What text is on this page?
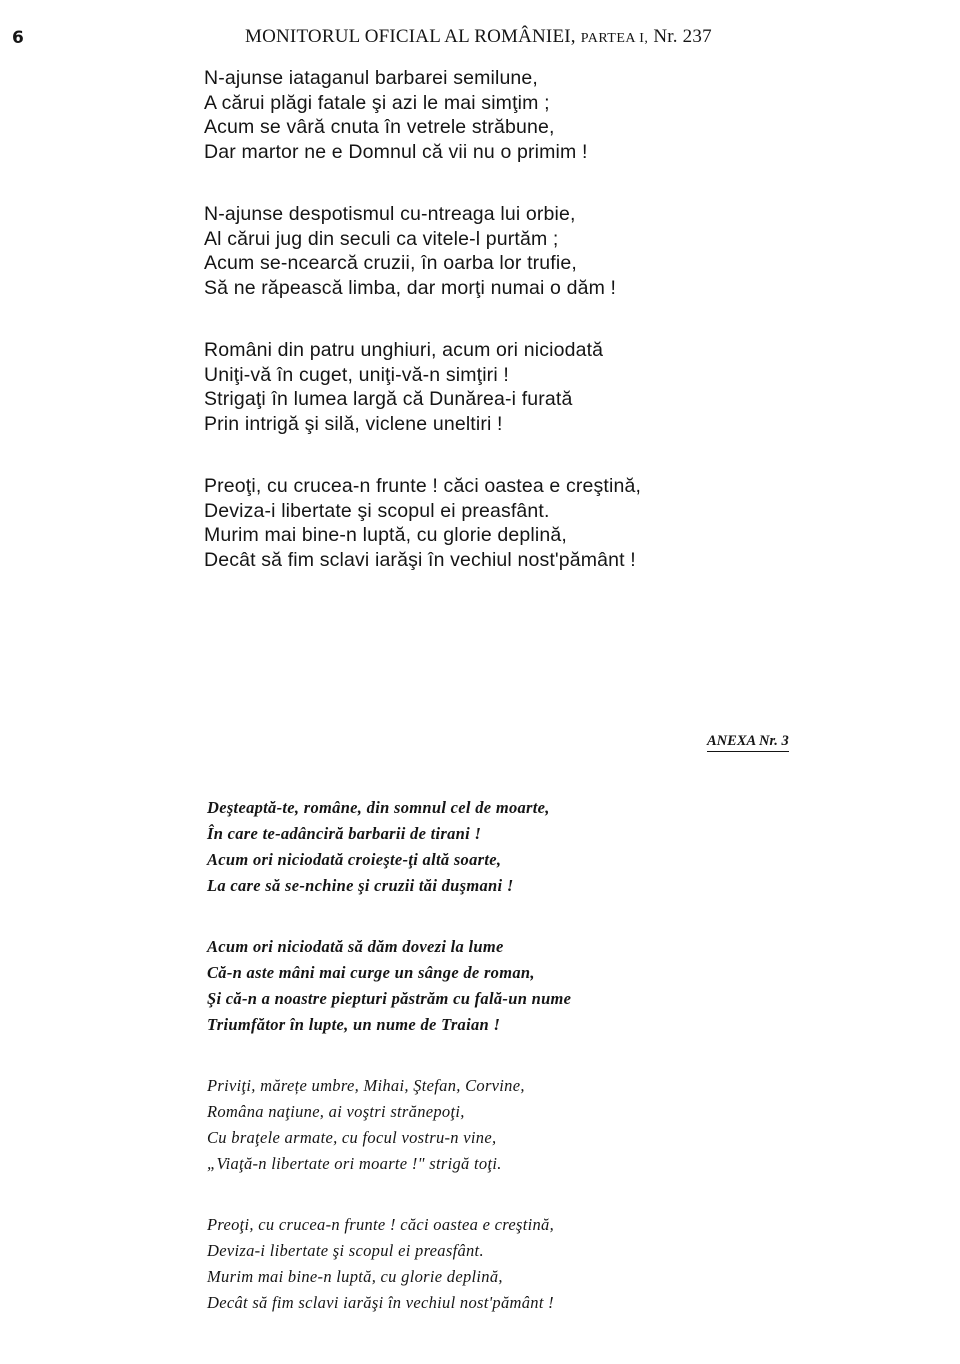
6	MONITORUL OFICIAL AL ROMÂNIEI, PARTEA I, Nr. 237
N-ajunse iataganul barbarei semilune,
A cărui plăgi fatale şi azi le mai simţim ;
Acum se vâră cnuta în vetrele străbune,
Dar martor ne e Domnul că vii nu o primim !
N-ajunse despotismul cu-ntreaga lui orbie,
Al cărui jug din seculi ca vitele-l purtăm ;
Acum se-ncearcă cruzii, în oarba lor trufie,
Să ne răpească limba, dar morţi numai o dăm !
Români din patru unghiuri, acum ori niciodată
Uniţi-vă în cuget, uniţi-vă-n simţiri !
Strigaţi în lumea largă că Dunărea-i furată
Prin intrigă şi silă, viclene uneltiri !
Preoţi, cu crucea-n frunte ! căci oastea e creştină,
Deviza-i libertate şi scopul ei preasfânt.
Murim mai bine-n luptă, cu glorie deplină,
Decât să fim sclavi iarăşi în vechiul nost'pământ !
ANEXA Nr. 3
Deşteaptă-te, române, din somnul cel de moarte,
În care te-adânciră barbarii de tirani !
Acum ori niciodată croieşte-ţi altă soarte,
La care să se-nchine şi cruzii tăi duşmani !
Acum ori niciodată să dăm dovezi la lume
Că-n aste mâni mai curge un sânge de roman,
Şi că-n a noastre piepturi păstrăm cu fală-un nume
Triumfător în lupte, un nume de Traian !
Priviţi, mărețe umbre, Mihai, Ştefan, Corvine,
Româna naţiune, ai voştri strănepoţi,
Cu braţele armate, cu focul vostru-n vine,
„Viaţă-n libertate ori moarte !" strigă toţi.
Preoţi, cu crucea-n frunte ! căci oastea e creştină,
Deviza-i libertate şi scopul ei preasfânt.
Murim mai bine-n luptă, cu glorie deplină,
Decât să fim sclavi iarăşi în vechiul nost'pământ !
